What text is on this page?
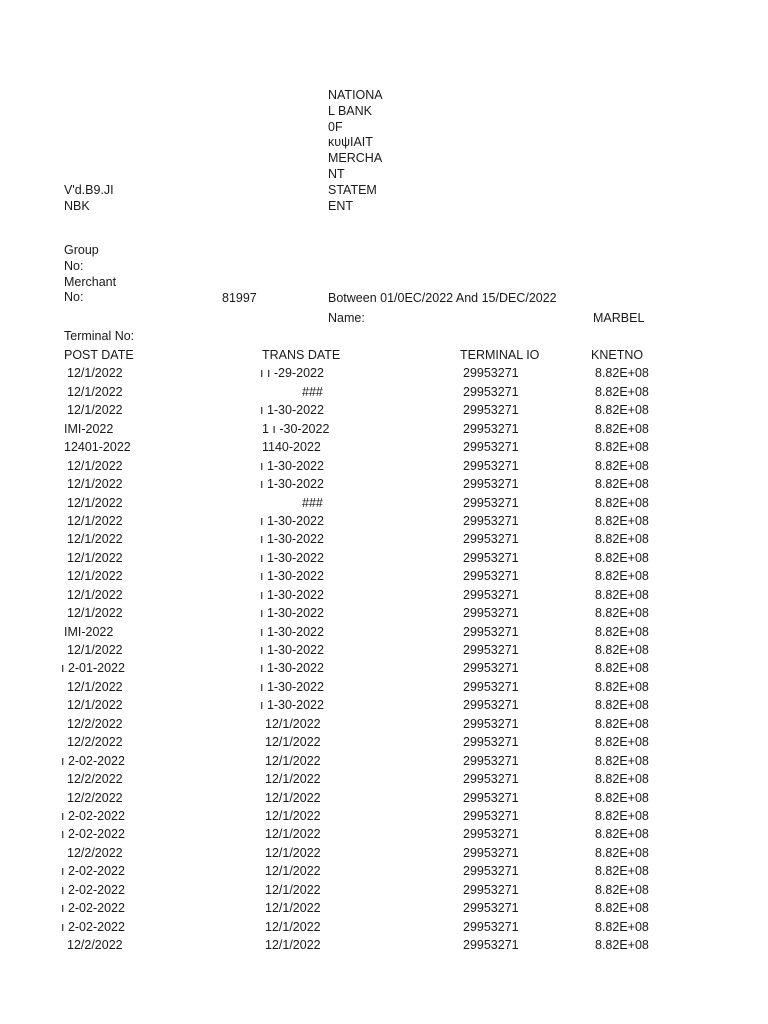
NATIONA
L BANK
0F
κυψIAIT
MERCHA
NT
STATEM
ENT
V'd.B9.JI
NBK
Group
No:
Merchant
No:	81997	Botween 01/0EC/2022 And 15/DEC/2022
Name:	MARBEL
Terminal No:
POST DATE	TRANS DATE	TERMINAL IO	KNETNO
12/1/2022	ı ı -29-2022	29953271	8.82E+08
12/1/2022	###	29953271	8.82E+08
12/1/2022	ı 1-30-2022	29953271	8.82E+08
IMI-2022	1 ı -30-2022	29953271	8.82E+08
12401-2022	1140-2022	29953271	8.82E+08
12/1/2022	ı 1-30-2022	29953271	8.82E+08
12/1/2022	ı 1-30-2022	29953271	8.82E+08
12/1/2022	###	29953271	8.82E+08
12/1/2022	ı 1-30-2022	29953271	8.82E+08
12/1/2022	ı 1-30-2022	29953271	8.82E+08
12/1/2022	ı 1-30-2022	29953271	8.82E+08
12/1/2022	ı 1-30-2022	29953271	8.82E+08
12/1/2022	ı 1-30-2022	29953271	8.82E+08
12/1/2022	ı 1-30-2022	29953271	8.82E+08
IMI-2022	ı 1-30-2022	29953271	8.82E+08
12/1/2022	ı 1-30-2022	29953271	8.82E+08
ı 2-01-2022	ı 1-30-2022	29953271	8.82E+08
12/1/2022	ı 1-30-2022	29953271	8.82E+08
12/1/2022	ı 1-30-2022	29953271	8.82E+08
12/2/2022	12/1/2022	29953271	8.82E+08
12/2/2022	12/1/2022	29953271	8.82E+08
ı 2-02-2022	12/1/2022	29953271	8.82E+08
12/2/2022	12/1/2022	29953271	8.82E+08
12/2/2022	12/1/2022	29953271	8.82E+08
ı 2-02-2022	12/1/2022	29953271	8.82E+08
ı 2-02-2022	12/1/2022	29953271	8.82E+08
12/2/2022	12/1/2022	29953271	8.82E+08
ı 2-02-2022	12/1/2022	29953271	8.82E+08
ı 2-02-2022	12/1/2022	29953271	8.82E+08
ı 2-02-2022	12/1/2022	29953271	8.82E+08
ı 2-02-2022	12/1/2022	29953271	8.82E+08
12/2/2022	12/1/2022	29953271	8.82E+08
